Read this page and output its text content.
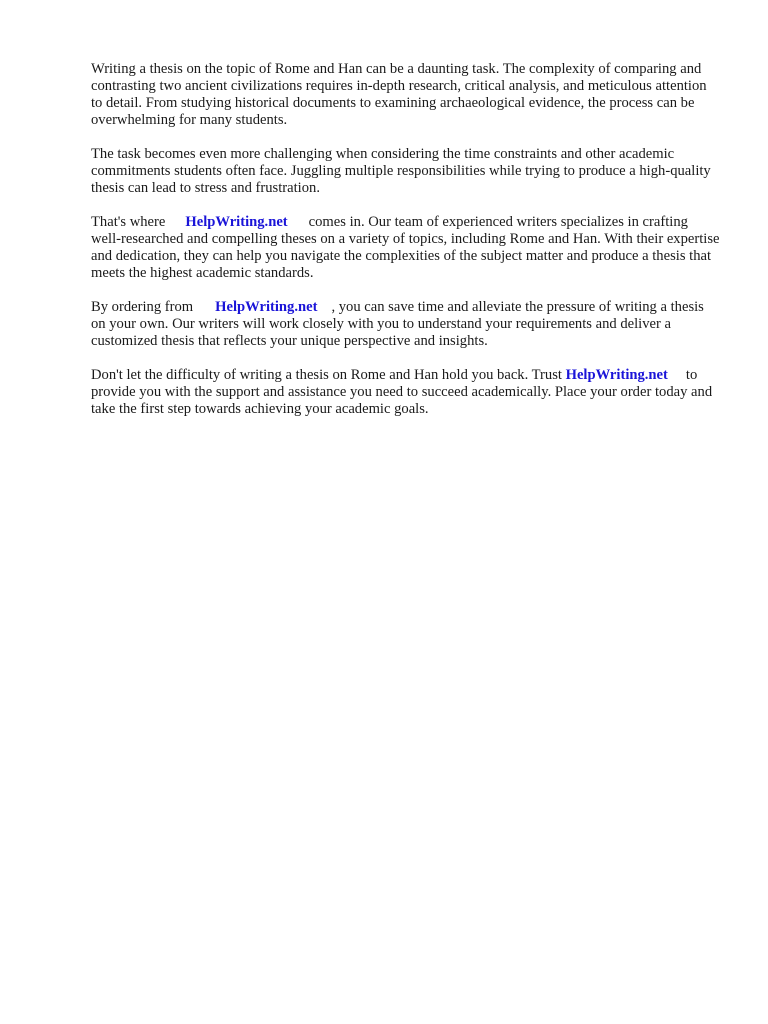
Writing a thesis on the topic of Rome and Han can be a daunting task. The complexity of comparing and contrasting two ancient civilizations requires in-depth research, critical analysis, and meticulous attention to detail. From studying historical documents to examining archaeological evidence, the process can be overwhelming for many students.

The task becomes even more challenging when considering the time constraints and other academic commitments students often face. Juggling multiple responsibilities while trying to produce a high-quality thesis can lead to stress and frustration.

That's where HelpWriting.net comes in. Our team of experienced writers specializes in crafting well-researched and compelling theses on a variety of topics, including Rome and Han. With their expertise and dedication, they can help you navigate the complexities of the subject matter and produce a thesis that meets the highest academic standards.

By ordering from HelpWriting.net , you can save time and alleviate the pressure of writing a thesis on your own. Our writers will work closely with you to understand your requirements and deliver a customized thesis that reflects your unique perspective and insights.

Don't let the difficulty of writing a thesis on Rome and Han hold you back. Trust HelpWriting.net to provide you with the support and assistance you need to succeed academically. Place your order today and take the first step towards achieving your academic goals.
